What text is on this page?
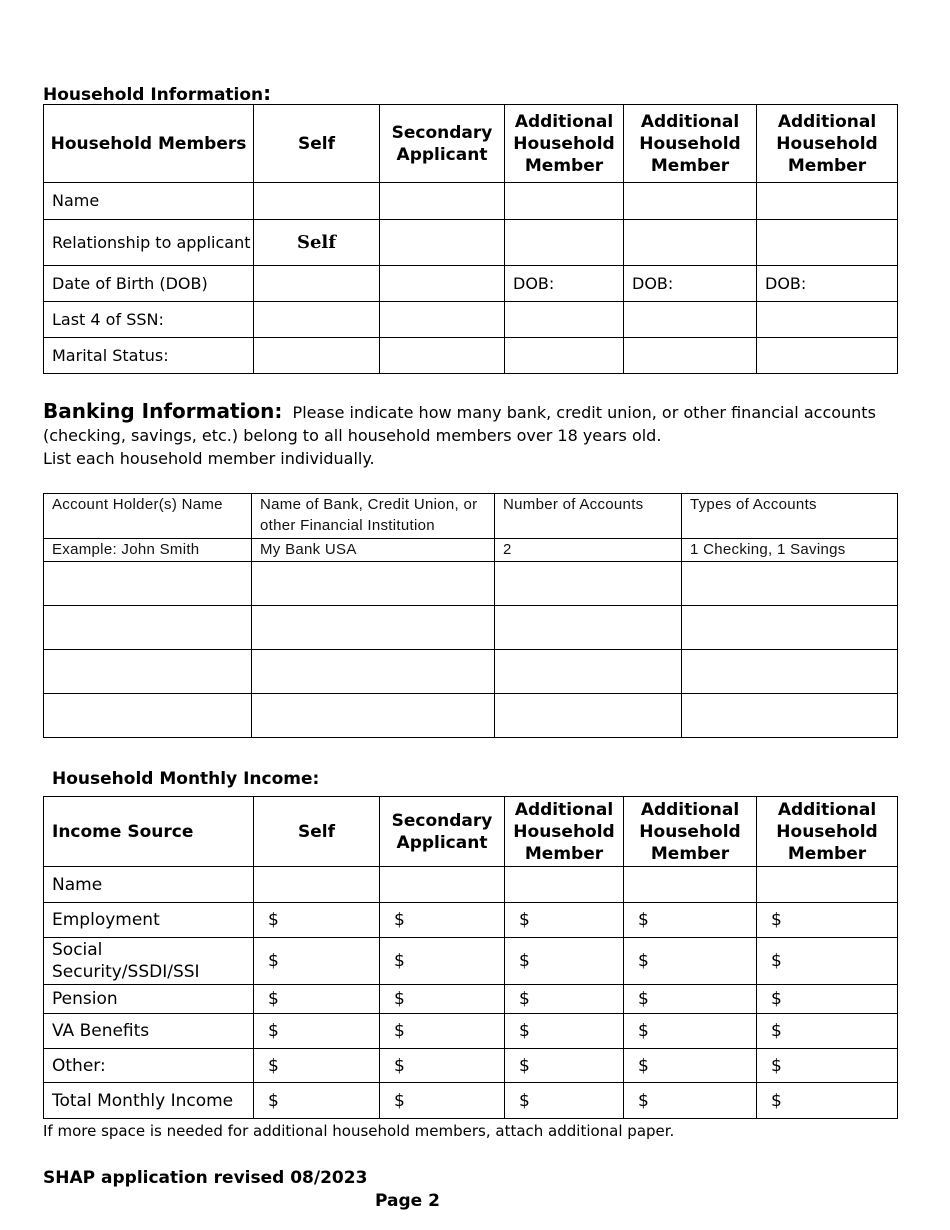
Household Information:
Household Members	Self	Secondary Applicant	Additional Household Member	Additional Household Member	Additional Household Member
Name					
Relationship to applicant	Self				
Date of Birth (DOB)			DOB:	DOB:	DOB:
Last 4 of SSN:					
Marital Status:					
Banking Information: Please indicate how many bank, credit union, or other financial accounts (checking, savings, etc.) belong to all household members over 18 years old.
List each household member individually.
Account Holder(s) Name	Name of Bank, Credit Union, or other Financial Institution	Number of Accounts	Types of Accounts
Example: John Smith	My Bank USA	2	1 Checking, 1 Savings

Household Monthly Income:
Income Source	Self	Secondary Applicant	Additional Household Member	Additional Household Member	Additional Household Member
Name					
Employment	$	$	$	$	$
Social Security/SSDI/SSI	$	$	$	$	$
Pension	$	$	$	$	$
VA Benefits	$	$	$	$	$
Other:	$	$	$	$	$
Total Monthly Income	$	$	$	$	$
If more space is needed for additional household members, attach additional paper.
SHAP application revised 08/2023
Page 2
